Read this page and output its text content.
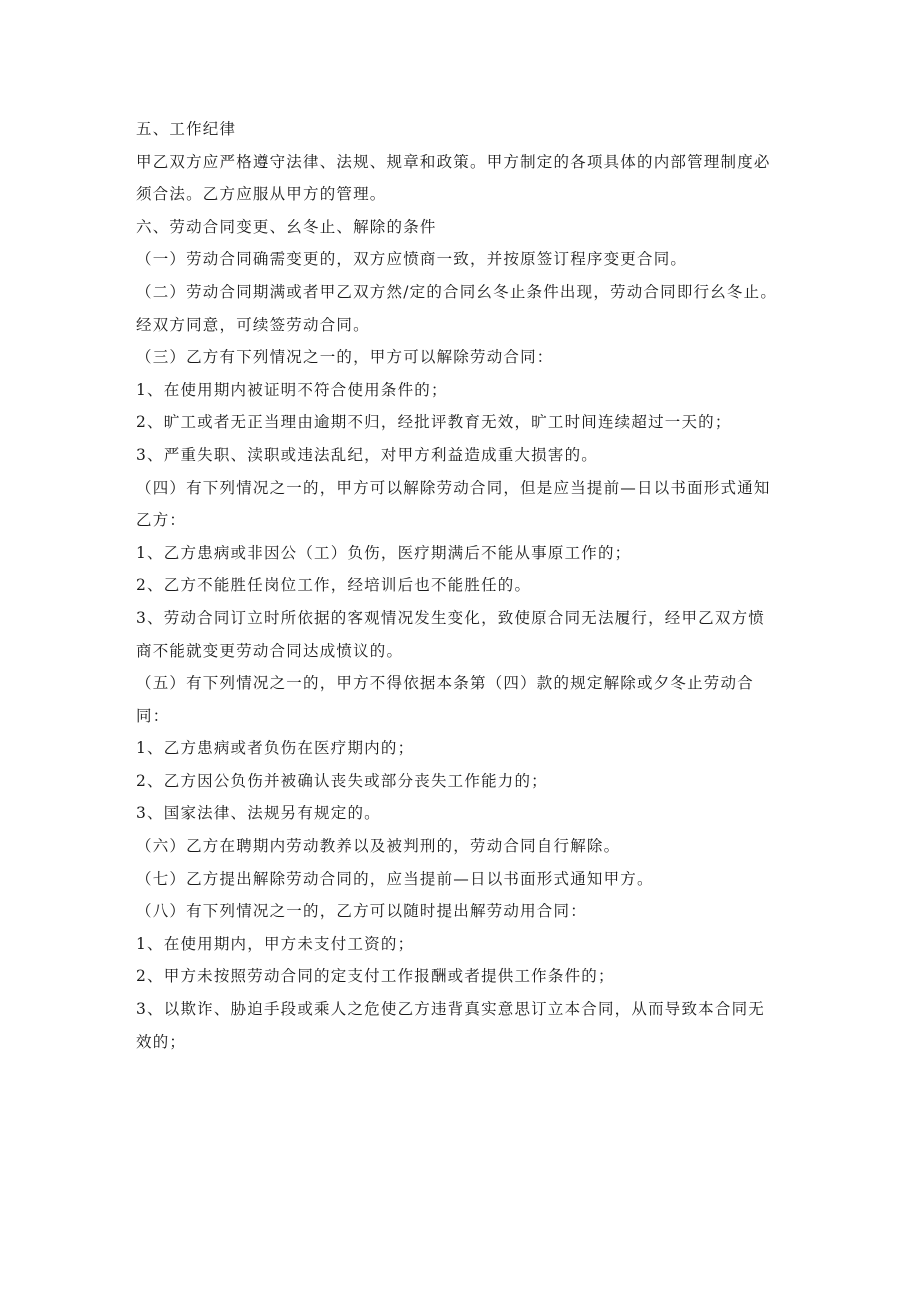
五、工作纪律
甲乙双方应严格遵守法律、法规、规章和政策。甲方制定的各项具体的内部管理制度必
须合法。乙方应服从甲方的管理。
六、劳动合同变更、幺冬止、解除的条件
（一）劳动合同确需变更的，双方应愤商一致，并按原签订程序变更合同。
（二）劳动合同期满或者甲乙双方然/定的合同幺冬止条件出现，劳动合同即行幺冬止。
经双方同意，可续签劳动合同。
（三）乙方有下列情况之一的，甲方可以解除劳动合同：
1、在使用期内被证明不符合使用条件的；
2、旷工或者无正当理由逾期不归，经批评教育无效，旷工时间连续超过一天的；
3、严重失职、渎职或违法乱纪，对甲方利益造成重大损害的。
（四）有下列情况之一的，甲方可以解除劳动合同，但是应当提前—日以书面形式通知
乙方：
1、乙方患病或非因公（工）负伤，医疗期满后不能从事原工作的；
2、乙方不能胜任岗位工作，经培训后也不能胜任的。
3、劳动合同订立时所依据的客观情况发生变化，致使原合同无法履行，经甲乙双方愤
商不能就变更劳动合同达成愤议的。
（五）有下列情况之一的，甲方不得依据本条第（四）款的规定解除或夕冬止劳动合
同：
1、乙方患病或者负伤在医疗期内的；
2、乙方因公负伤并被确认丧失或部分丧失工作能力的；
3、国家法律、法规另有规定的。
（六）乙方在聘期内劳动教养以及被判刑的，劳动合同自行解除。
（七）乙方提出解除劳动合同的，应当提前—日以书面形式通知甲方。
（八）有下列情况之一的，乙方可以随时提出解劳动用合同：
1、在使用期内，甲方未支付工资的；
2、甲方未按照劳动合同的定支付工作报酬或者提供工作条件的；
3、以欺诈、胁迫手段或乘人之危使乙方违背真实意思订立本合同，从而导致本合同无
效的；
